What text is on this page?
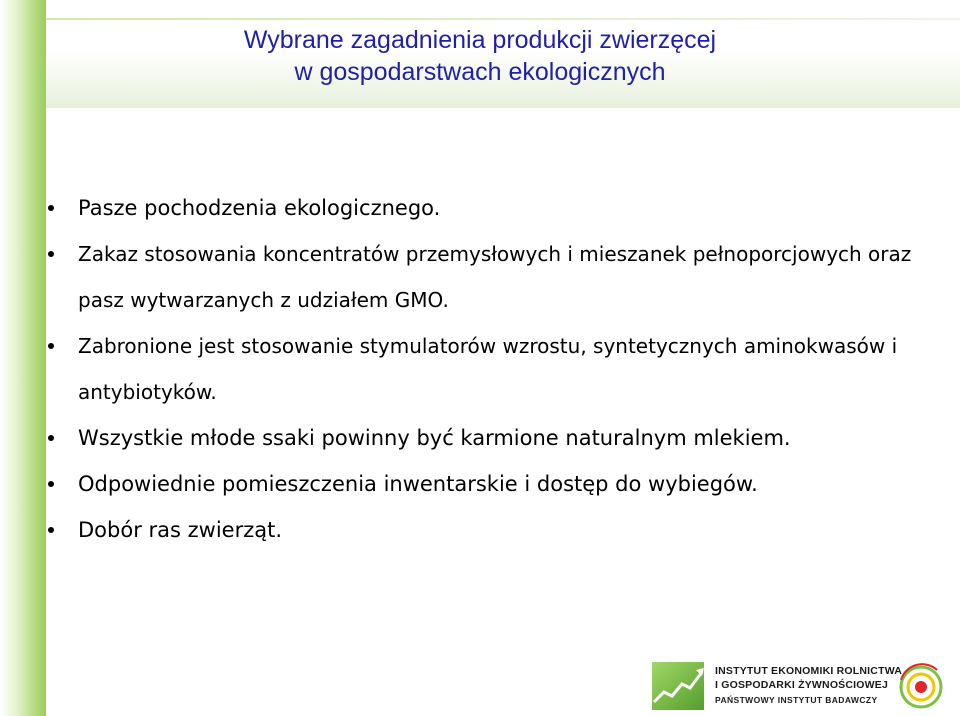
Wybrane zagadnienia produkcji zwierzęcej
w gospodarstwach ekologicznych
Pasze pochodzenia ekologicznego.
Zakaz stosowania koncentratów przemysłowych i mieszanek pełnoporcjowych oraz pasz wytwarzanych z udziałem GMO.
Zabronione jest stosowanie stymulatorów wzrostu, syntetycznych aminokwasów i antybiotyków.
Wszystkie młode ssaki powinny być karmione naturalnym mlekiem.
Odpowiednie pomieszczenia inwentarskie i dostęp do wybiegów.
Dobór ras zwierząt.
INSTYTUT EKONOMIKI ROLNICTWA
I GOSPODARKI ŻYWNOŚCIOWEJ
PAŃSTWOWY INSTYTUT BADAWCZY
